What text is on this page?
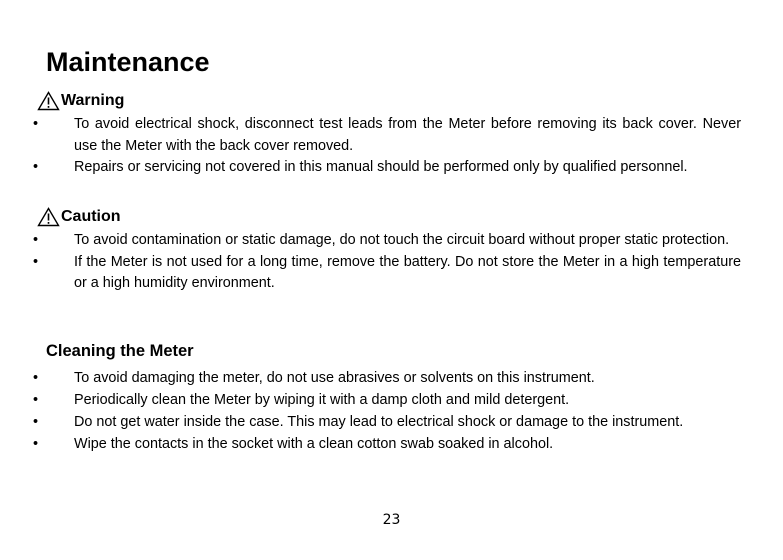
Maintenance
Warning
• To avoid electrical shock, disconnect test leads from the Meter before removing its back cover. Never use the Meter with the back cover removed.
• Repairs or servicing not covered in this manual should be performed only by qualified personnel.
Caution
• To avoid contamination or static damage, do not touch the circuit board without proper static protection.
• If the Meter is not used for a long time, remove the battery. Do not store the Meter in a high temperature or a high humidity environment.
Cleaning the Meter
• To avoid damaging the meter, do not use abrasives or solvents on this instrument.
• Periodically clean the Meter by wiping it with a damp cloth and mild detergent.
• Do not get water inside the case. This may lead to electrical shock or damage to the instrument.
• Wipe the contacts in the socket with a clean cotton swab soaked in alcohol.
23
